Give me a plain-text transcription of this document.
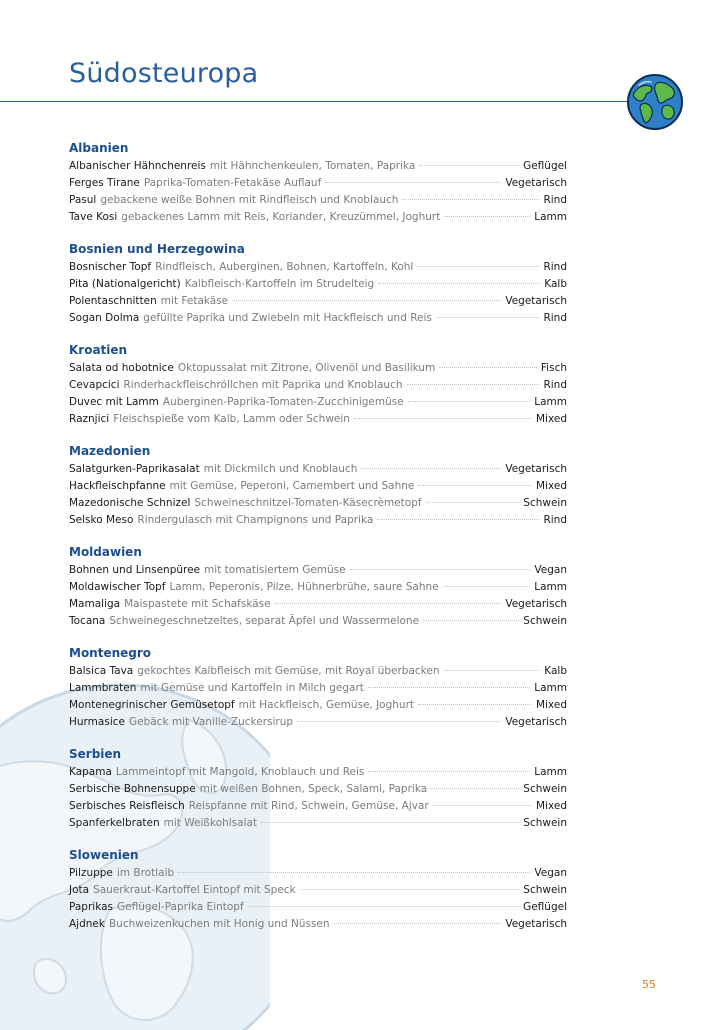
Südosteuropa
Albanien
Albanischer Hähnchenreis mit Hähnchenkeulen, Tomaten, Paprika	Geflügel
Ferges Tirane Paprika-Tomaten-Fetakäse Auflauf	Vegetarisch
Pasul gebackene weiße Bohnen mit Rindfleisch und Knoblauch	Rind
Tave Kosi gebackenes Lamm mit Reis, Koriander, Kreuzümmel, Joghurt	Lamm
Bosnien und Herzegowina
Bosnischer Topf Rindfleisch, Auberginen, Bohnen, Kartoffeln, Kohl	Rind
Pita (Nationalgericht) Kalbfleisch-Kartoffeln im Strudelteig	Kalb
Polentaschnitten mit Fetakäse	Vegetarisch
Sogan Dolma gefüllte Paprika und Zwiebeln mit Hackfleisch und Reis	Rind
Kroatien
Salata od hobotnice Oktopussalat mit Zitrone, Olivenöl und Basilikum	Fisch
Cevapcici Rinderhackfleischröllchen mit Paprika und Knoblauch	Rind
Duvec mit Lamm Auberginen-Paprika-Tomaten-Zucchinigemüse	Lamm
Raznjici Fleischspieße vom Kalb, Lamm oder Schwein	Mixed
Mazedonien
Salatgurken-Paprikasalat mit Dickmilch und Knoblauch	Vegetarisch
Hackfleischpfanne mit Gemüse, Peperoni, Camembert und Sahne	Mixed
Mazedonische Schnizel Schweineschnitzel-Tomaten-Käsecrèmetopf	Schwein
Selsko Meso Rindergulasch mit Champignons und Paprika	Rind
Moldawien
Bohnen und Linsenpüree mit tomatisiertem Gemüse	Vegan
Moldawischer Topf Lamm, Peperonis, Pilze, Hühnerbrühe, saure Sahne	Lamm
Mamaliga Maispastete mit Schafskäse	Vegetarisch
Tocana Schweinegeschnetzeltes, separat Äpfel und Wassermelone	Schwein
Montenegro
Balsica Tava gekochtes Kalbfleisch mit Gemüse, mit Royal überbacken	Kalb
Lammbraten mit Gemüse und Kartoffeln in Milch gegart	Lamm
Montenegrinischer Gemüsetopf mit Hackfleisch, Gemüse, Joghurt	Mixed
Hurmasice Gebäck mit Vanille-Zuckersirup	Vegetarisch
Serbien
Kapama Lammeintopf mit Mangold, Knoblauch und Reis	Lamm
Serbische Bohnensuppe mit weißen Bohnen, Speck, Salami, Paprika	Schwein
Serbisches Reisfleisch Reispfanne mit Rind, Schwein, Gemüse, Ajvar	Mixed
Spanferkelbraten mit Weißkohlsalat	Schwein
Slowenien
Pilzuppe im Brotlaib	Vegan
Jota Sauerkraut-Kartoffel Eintopf mit Speck	Schwein
Paprikas Geflügel-Paprika Eintopf	Geflügel
Ajdnek Buchweizenkuchen mit Honig und Nüssen	Vegetarisch
55
